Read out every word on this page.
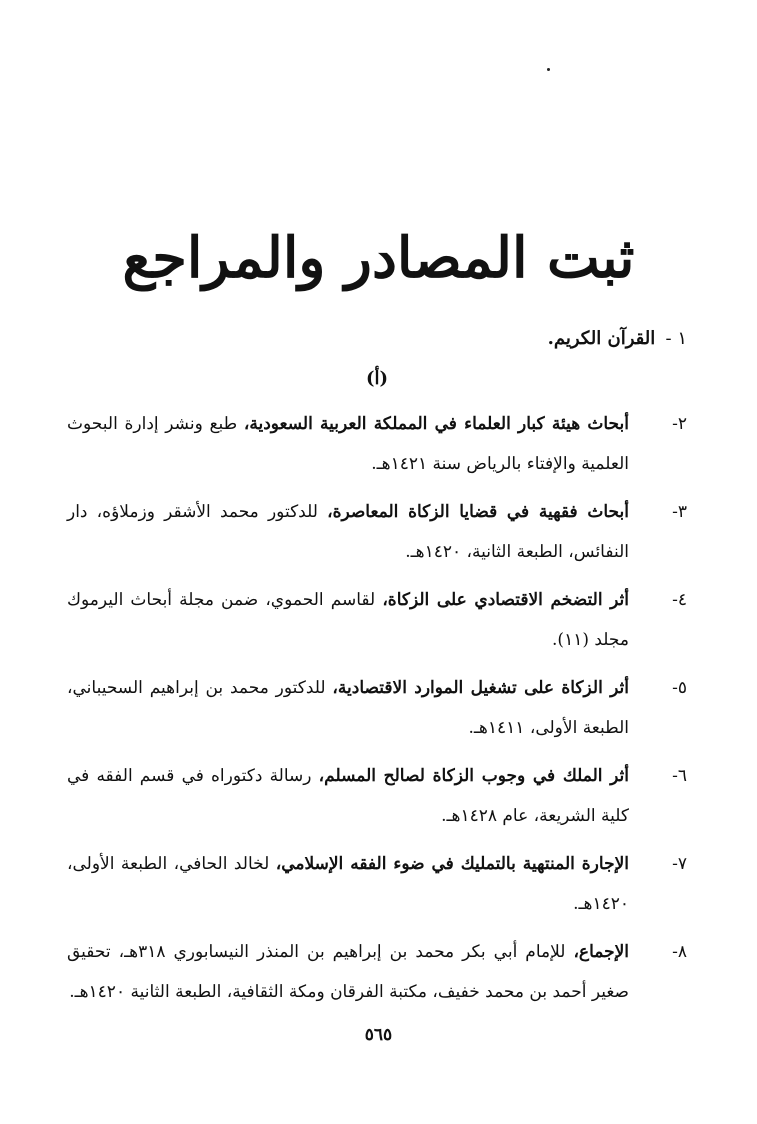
ثبت المصادر والمراجع
١ - القرآن الكريم.
(أ)
٢-
أبحاث هيئة كبار العلماء في المملكة العربية السعودية، طبع ونشر إدارة البحوث العلمية والإفتاء بالرياض سنة ١٤٢١هـ.
٣-
أبحاث فقهية في قضايا الزكاة المعاصرة، للدكتور محمد الأشقر وزملاؤه، دار النفائس، الطبعة الثانية، ١٤٢٠هـ.
٤-
أثر التضخم الاقتصادي على الزكاة، لقاسم الحموي، ضمن مجلة أبحاث اليرموك مجلد (١١).
٥-
أثر الزكاة على تشغيل الموارد الاقتصادية، للدكتور محمد بن إبراهيم السحيباني، الطبعة الأولى، ١٤١١هـ.
٦-
أثر الملك في وجوب الزكاة لصالح المسلم، رسالة دكتوراه في قسم الفقه في كلية الشريعة، عام ١٤٢٨هـ.
٧-
الإجارة المنتهية بالتمليك في ضوء الفقه الإسلامي، لخالد الحافي، الطبعة الأولى، ١٤٢٠هـ.
٨-
الإجماع، للإمام أبي بكر محمد بن إبراهيم بن المنذر النيسابوري ٣١٨هـ، تحقيق صغير أحمد بن محمد خفيف، مكتبة الفرقان ومكة الثقافية، الطبعة الثانية ١٤٢٠هـ.
٥٦٥
